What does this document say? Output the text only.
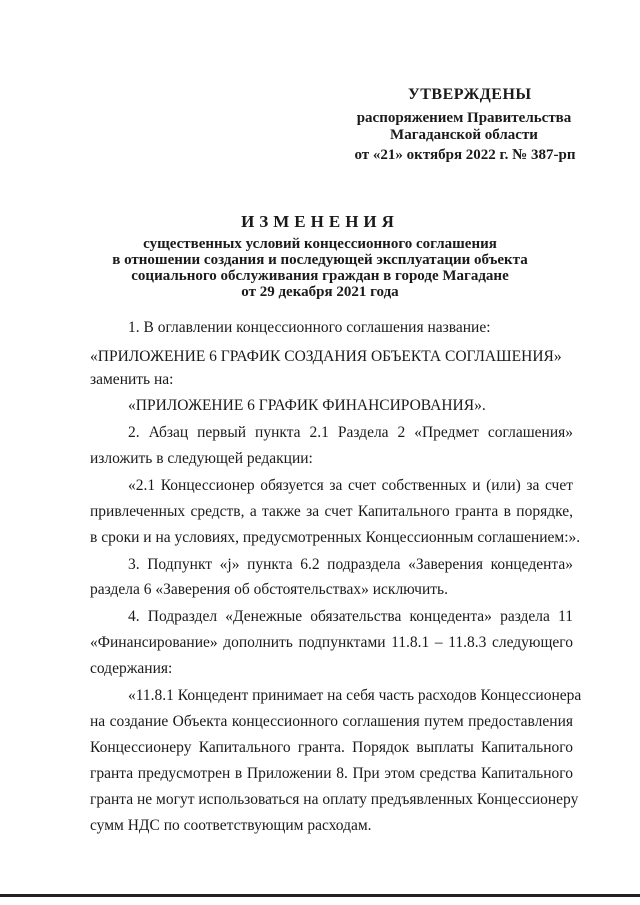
УТВЕРЖДЕНЫ
распоряжением Правительства
Магаданской области
от «21» октября 2022 г. № 387-рп
ИЗМЕНЕНИЯ
существенных условий концессионного соглашения
в отношении создания и последующей эксплуатации объекта
социального обслуживания граждан в городе Магадане
от 29 декабря 2021 года
1. В оглавлении концессионного соглашения название:
«ПРИЛОЖЕНИЕ 6 ГРАФИК СОЗДАНИЯ ОБЪЕКТА СОГЛАШЕНИЯ»
заменить на:
«ПРИЛОЖЕНИЕ 6 ГРАФИК ФИНАНСИРОВАНИЯ».
2. Абзац первый пункта 2.1 Раздела 2 «Предмет соглашения»
изложить в следующей редакции:
«2.1 Концессионер обязуется за счет собственных и (или) за счет
привлеченных средств, а также за счет Капитального гранта в порядке,
в сроки и на условиях, предусмотренных Концессионным соглашением:».
3. Подпункт «j» пункта 6.2 подраздела «Заверения концедента»
раздела 6 «Заверения об обстоятельствах» исключить.
4. Подраздел «Денежные обязательства концедента» раздела 11
«Финансирование» дополнить подпунктами 11.8.1 – 11.8.3 следующего
содержания:
«11.8.1 Концедент принимает на себя часть расходов Концессионера
на создание Объекта концессионного соглашения путем предоставления
Концессионеру Капитального гранта. Порядок выплаты Капитального
гранта предусмотрен в Приложении 8. При этом средства Капитального
гранта не могут использоваться на оплату предъявленных Концессионеру
сумм НДС по соответствующим расходам.
